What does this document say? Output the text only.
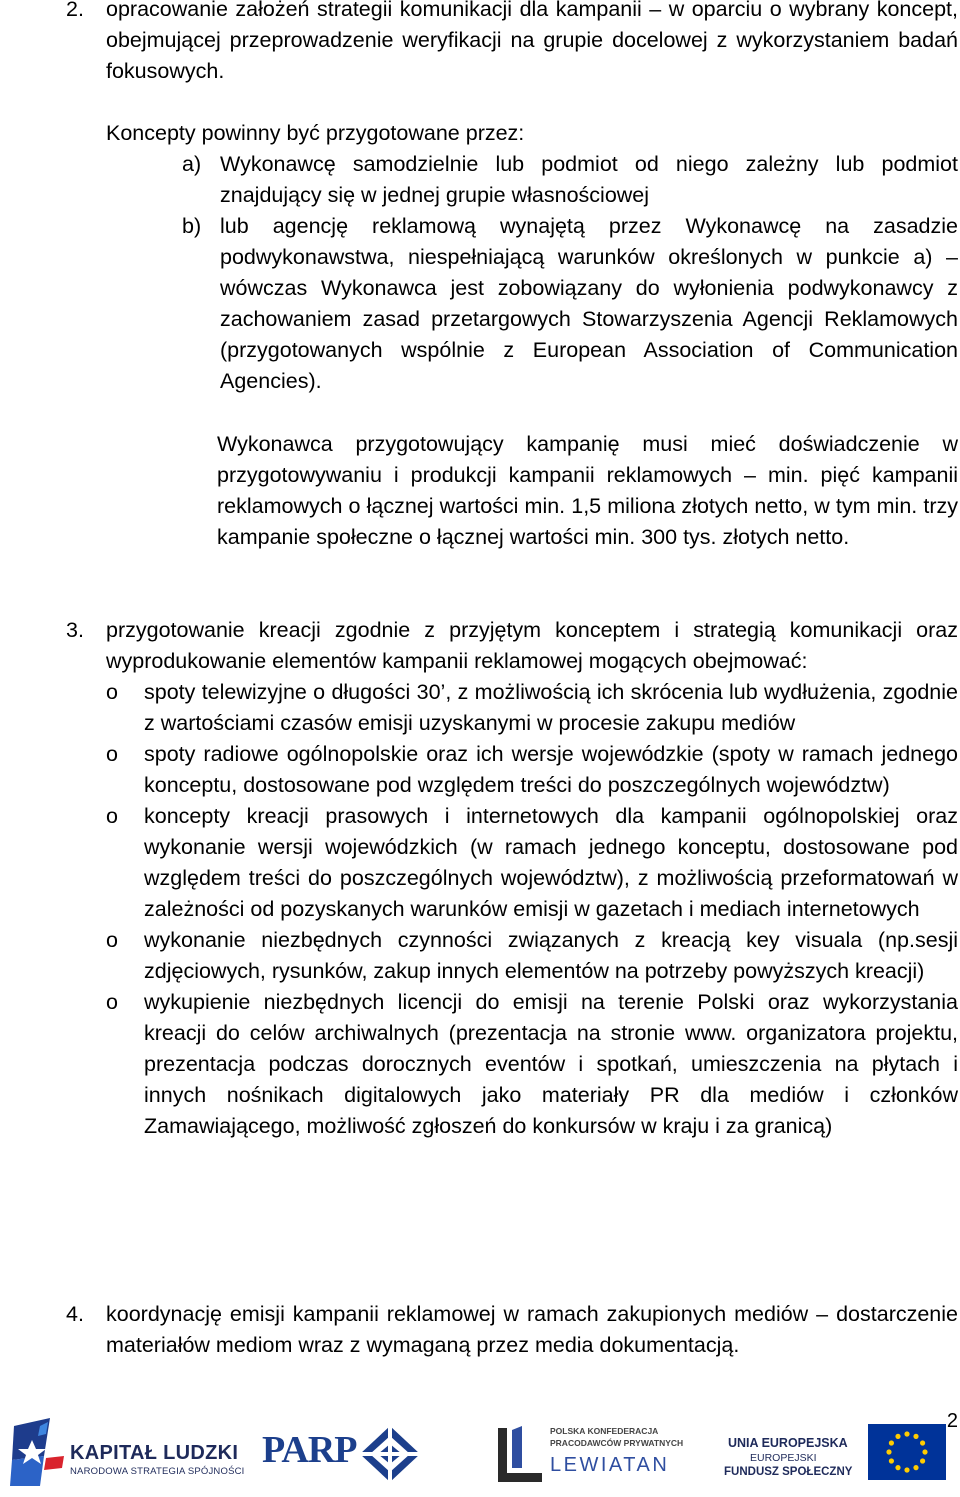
2. opracowanie założeń strategii komunikacji dla kampanii – w oparciu o wybrany koncept, obejmującej przeprowadzenie weryfikacji na grupie docelowej z wykorzystaniem badań fokusowych.
Koncepty powinny być przygotowane przez:
a) Wykonawcę samodzielnie lub podmiot od niego zależny lub podmiot znajdujący się w jednej grupie własnościowej
b) lub agencję reklamową wynajętą przez Wykonawcę na zasadzie podwykonawstwa, niespełniającą warunków określonych w punkcie a) – wówczas Wykonawca jest zobowiązany do wyłonienia podwykonawcy z zachowaniem zasad przetargowych Stowarzyszenia Agencji Reklamowych (przygotowanych wspólnie z European Association of Communication Agencies).
Wykonawca przygotowujący kampanię musi mieć doświadczenie w przygotowywaniu i produkcji kampanii reklamowych – min. pięć kampanii reklamowych o łącznej wartości min. 1,5 miliona złotych netto, w tym min. trzy kampanie społeczne o łącznej wartości min. 300 tys. złotych netto.
3. przygotowanie kreacji zgodnie z przyjętym konceptem i strategią komunikacji oraz wyprodukowanie elementów kampanii reklamowej mogących obejmować:
o spoty telewizyjne o długości 30’, z możliwością ich skrócenia lub wydłużenia, zgodnie z wartościami czasów emisji uzyskanymi w procesie zakupu mediów
o spoty radiowe ogólnopolskie oraz ich wersje wojewódzkie (spoty w ramach jednego konceptu, dostosowane pod względem treści do poszczególnych województw)
o koncepty kreacji prasowych i internetowych dla kampanii ogólnopolskiej oraz wykonanie wersji wojewódzkich (w ramach jednego konceptu, dostosowane pod względem treści do poszczególnych województw), z możliwością przeformatowań w zależności od pozyskanych warunków emisji w gazetach i mediach internetowych
o wykonanie niezbędnych czynności związanych z kreacją key visuala (np.sesji zdjęciowych, rysunków, zakup innych elementów na potrzeby powyższych kreacji)
o wykupienie niezbędnych licencji do emisji na terenie Polski oraz wykorzystania kreacji do celów archiwalnych (prezentacja na stronie www. organizatora projektu, prezentacja podczas dorocznych eventów i spotkań, umieszczenia na płytach i innych nośnikach digitalowych jako materiały PR dla mediów i członków Zamawiającego, możliwość zgłoszeń do konkursów w kraju i za granicą)
4. koordynację emisji kampanii reklamowej w ramach zakupionych mediów – dostarczenie materiałów mediom wraz z wymaganą przez media dokumentacją.
2
KAPITAŁ LUDZKI
NARODOWA STRATEGIA SPÓJNOŚCI
PARP	POLSKA KONFEDERACJA
PRACODAWCÓW PRYWATNYCH
LEWIATAN
UNIA EUROPEJSKA
EUROPEJSKI
FUNDUSZ SPOŁECZNY
